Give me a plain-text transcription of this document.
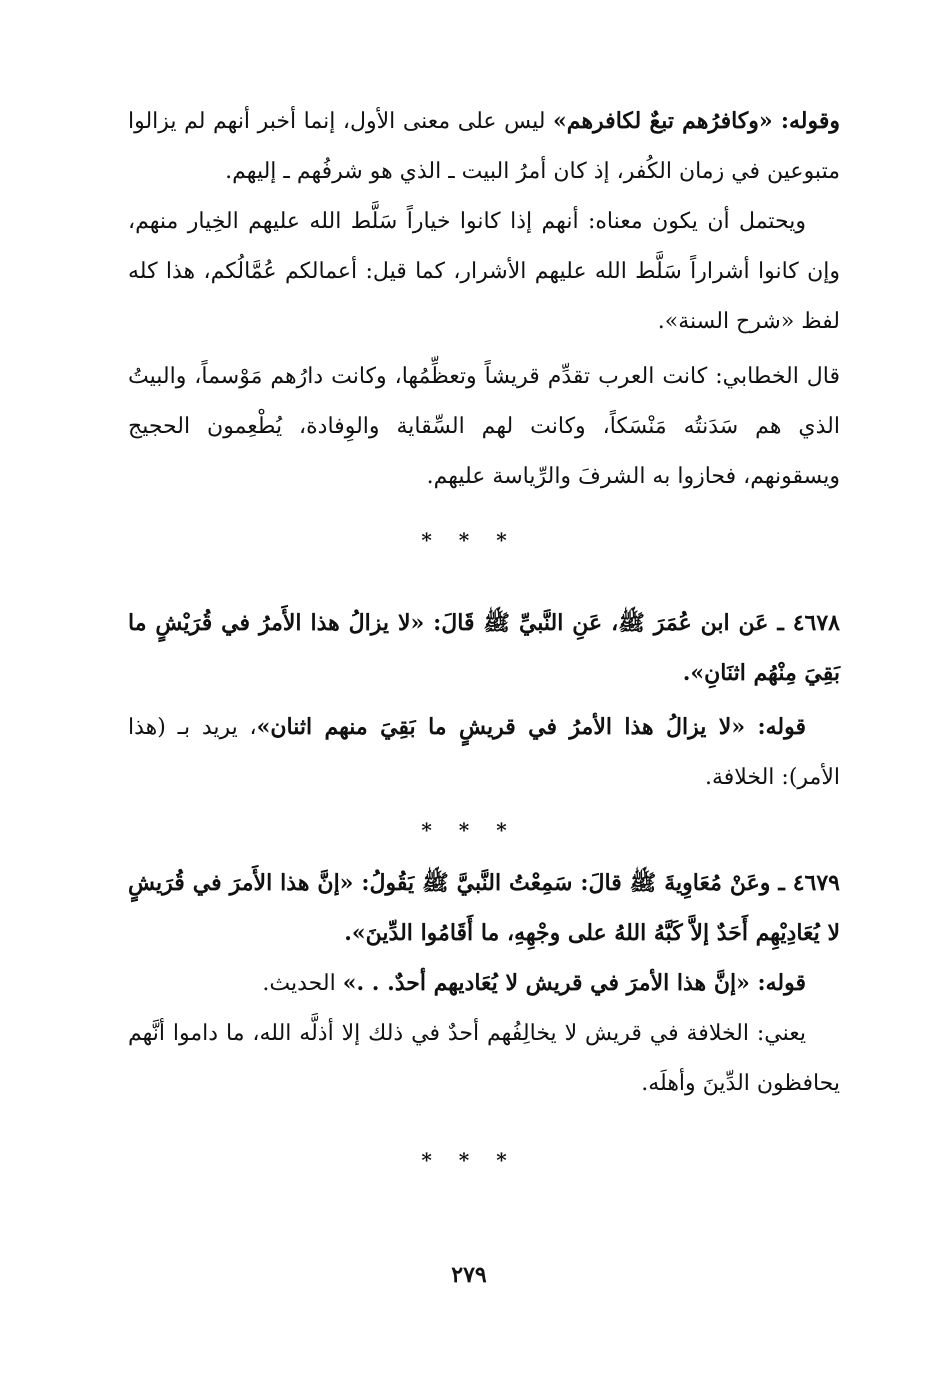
وقوله: «وكافرُهم تبعٌ لكافرهم» ليس على معنى الأول، إنما أخبر أنهم لم يزالوا متبوعين في زمان الكُفر، إذ كان أمرُ البيت ـ الذي هو شرفُهم ـ إليهم.

ويحتمل أن يكون معناه: أنهم إذا كانوا خياراً سَلَّط الله عليهم الخِيار منهم، وإن كانوا أشراراً سَلَّط الله عليهم الأشرار، كما قيل: أعمالكم عُمَّالُكم، هذا كله لفظ «شرح السنة».

قال الخطابي: كانت العرب تقدِّم قريشاً وتعظِّمُها، وكانت دارُهم مَوْسماً، والبيتُ الذي هم سَدَنتُه مَنْسَكاً، وكانت لهم السِّقاية والوِفادة، يُطْعِمون الحجيج ويسقونهم، فحازوا به الشرفَ والرِّياسة عليهم.

* * *

٤٦٧٨ ـ عَن ابن عُمَرَ ﷺ، عَنِ النَّبيِّ ﷺ قَالَ: «لا يزالُ هذا الأَمرُ في قُرَيْشٍ ما بَقِيَ مِنْهُم اثنَانِ».

قوله: «لا يزالُ هذا الأمرُ في قريشٍ ما بَقِيَ منهم اثنان»، يريد بـ (هذا الأمر): الخلافة.

* * *

٤٦٧٩ ـ وعَنْ مُعَاوِيةَ ﷺ قالَ: سَمِعْتُ النَّبيَّ ﷺ يَقُولُ: «إنَّ هذا الأَمرَ في قُرَيشٍ لا يُعَادِيْهِم أَحَدٌ إلاَّ كَبَّهُ اللهُ على وجْهِهِ، ما أَقَامُوا الدِّينَ».

قوله: «إنَّ هذا الأمرَ في قريش لا يُعَاديهم أحدٌ. . .» الحديث.

يعني: الخلافة في قريش لا يخالِفُهم أحدٌ في ذلك إلا أذلَّه الله، ما داموا أنَّهم يحافظون الدِّينَ وأهلَه.

* * *
٢٧٩
